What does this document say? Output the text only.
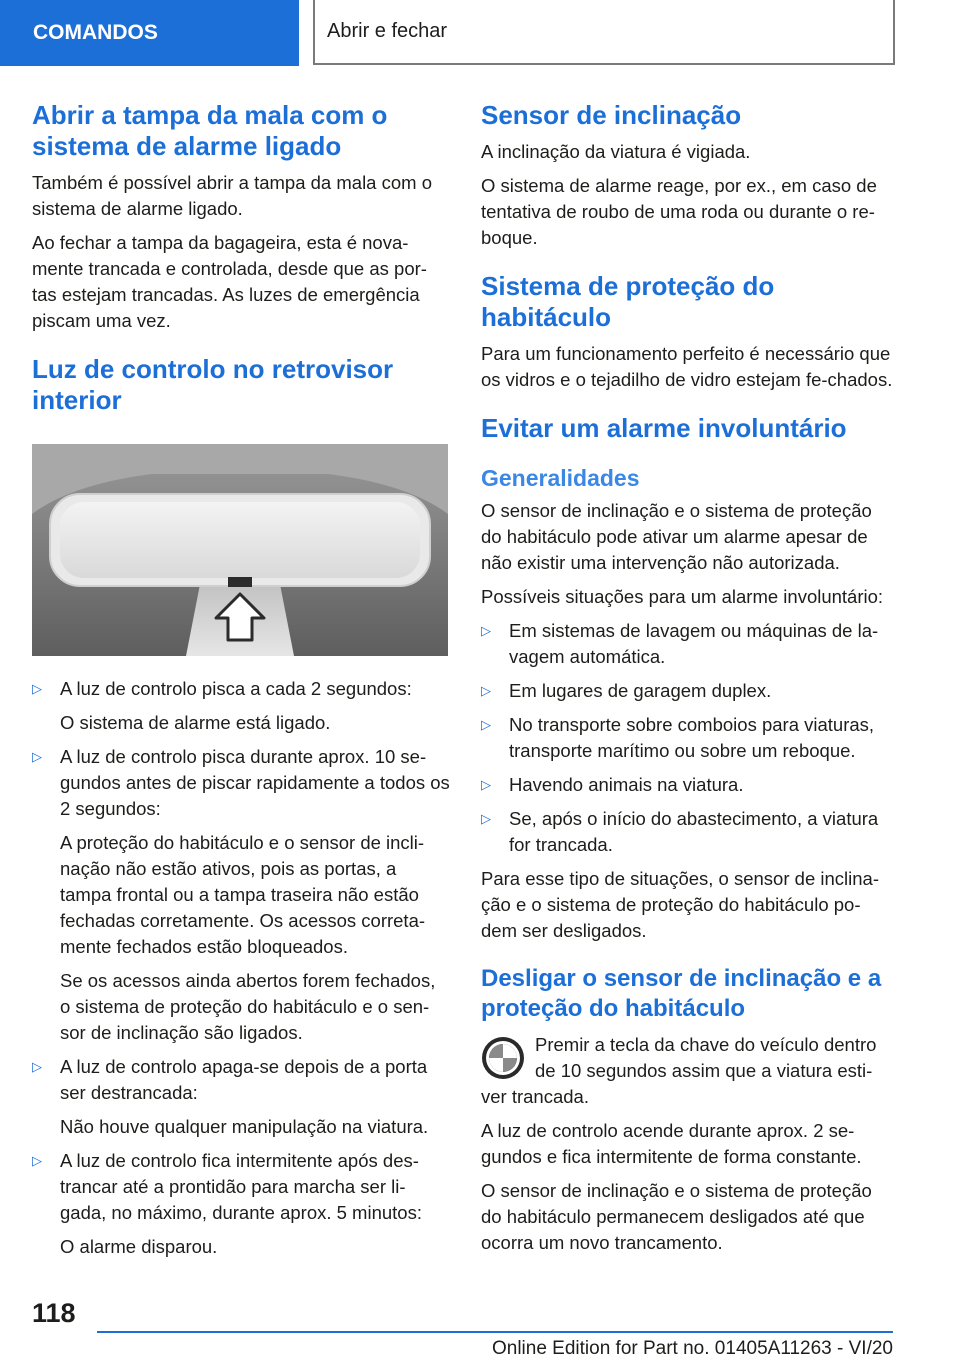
COMANDOS	Abrir e fechar
Abrir a tampa da mala com o sistema de alarme ligado

Também é possível abrir a tampa da mala com o sistema de alarme ligado.

Ao fechar a tampa da bagageira, esta é nova-mente trancada e controlada, desde que as por-tas estejam trancadas. As luzes de emergência piscam uma vez.

Luz de controlo no retrovisor interior
▷ A luz de controlo pisca a cada 2 segundos:

O sistema de alarme está ligado.

▷ A luz de controlo pisca durante aprox. 10 se-gundos antes de piscar rapidamente a todos os 2 segundos:

A proteção do habitáculo e o sensor de incli-nação não estão ativos, pois as portas, a tampa frontal ou a tampa traseira não estão fechadas corretamente. Os acessos correta-mente fechados estão bloqueados.

Se os acessos ainda abertos forem fechados, o sistema de proteção do habitáculo e o sen-sor de inclinação são ligados.

▷ A luz de controlo apaga-se depois de a porta ser destrancada:

Não houve qualquer manipulação na viatura.

▷ A luz de controlo fica intermitente após des-trancar até a prontidão para marcha ser li-gada, no máximo, durante aprox. 5 minutos:

O alarme disparou.

Sensor de inclinação

A inclinação da viatura é vigiada.

O sistema de alarme reage, por ex., em caso de tentativa de roubo de uma roda ou durante o re-boque.

Sistema de proteção do habitáculo

Para um funcionamento perfeito é necessário que os vidros e o tejadilho de vidro estejam fe-chados.

Evitar um alarme involuntário
Generalidades

O sensor de inclinação e o sistema de proteção do habitáculo pode ativar um alarme apesar de não existir uma intervenção não autorizada.

Possíveis situações para um alarme involuntário:

▷ Em sistemas de lavagem ou máquinas de la-vagem automática.
▷ Em lugares de garagem duplex.
▷ No transporte sobre comboios para viaturas, transporte marítimo ou sobre um reboque.
▷ Havendo animais na viatura.
▷ Se, após o início do abastecimento, a viatura for trancada.

Para esse tipo de situações, o sensor de inclina-ção e o sistema de proteção do habitáculo po-dem ser desligados.

Desligar o sensor de inclinação e a proteção do habitáculo

Premir a tecla da chave do veículo dentro de 10 segundos assim que a viatura esti-ver trancada.

A luz de controlo acende durante aprox. 2 se-gundos e fica intermitente de forma constante.

O sensor de inclinação e o sistema de proteção do habitáculo permanecem desligados até que ocorra um novo trancamento.

118
Online Edition for Part no. 01405A11263 - VI/20
